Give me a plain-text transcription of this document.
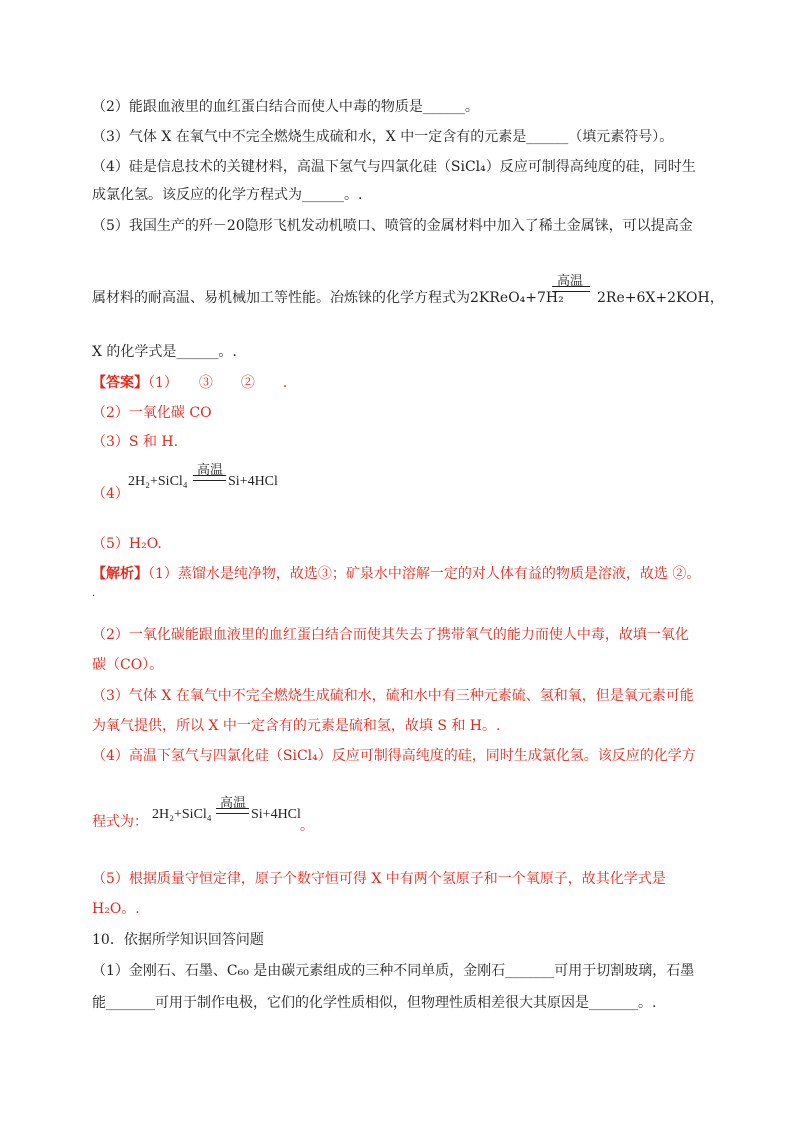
（2）能跟血液里的血红蛋白结合而使人中毒的物质是______。
（3）气体 X 在氧气中不完全燃烧生成硫和水，X 中一定含有的元素是______（填元素符号）。
（4）硅是信息技术的关键材料，高温下氢气与四氯化硅（SiCl₄）反应可制得高纯度的硅，同时生
成氯化氢。该反应的化学方程式为______。.
（5）我国生产的歼－20隐形飞机发动机喷口、喷管的金属材料中加入了稀土金属铼，可以提高金
属材料的耐高温、易机械加工等性能。冶炼铼的化学方程式为2KReO₄+7H₂
高温
2Re+6X+2KOH，
X 的化学式是______。.
【答案】（1）　　③　　②　　.
（2）一氧化碳 CO
（3）S 和 H.
（4）
2H₂+SiCl₄
高温
Si+4HCl
（5）H₂O.
【解析】（1）蒸馏水是纯净物，故选③；矿泉水中溶解一定的对人体有益的物质是溶液，故选 ②。
.
（2）一氧化碳能跟血液里的血红蛋白结合而使其失去了携带氧气的能力而使人中毒，故填一氧化
碳（CO）。
（3）气体 X 在氧气中不完全燃烧生成硫和水，硫和水中有三种元素硫、氢和氧，但是氧元素可能
为氧气提供，所以 X 中一定含有的元素是硫和氢，故填 S 和 H。.
（4）高温下氢气与四氯化硅（SiCl₄）反应可制得高纯度的硅，同时生成氯化氢。该反应的化学方
程式为： 2H₂+SiCl₄
高温
Si+4HCl
。
（5）根据质量守恒定律，原子个数守恒可得 X 中有两个氢原子和一个氧原子，故其化学式是
H₂O。.
10．依据所学知识回答问题
（1）金刚石、石墨、C₆₀ 是由碳元素组成的三种不同单质，金刚石_______可用于切割玻璃，石墨
能_______可用于制作电极，它们的化学性质相似，但物理性质相差很大其原因是_______。.
